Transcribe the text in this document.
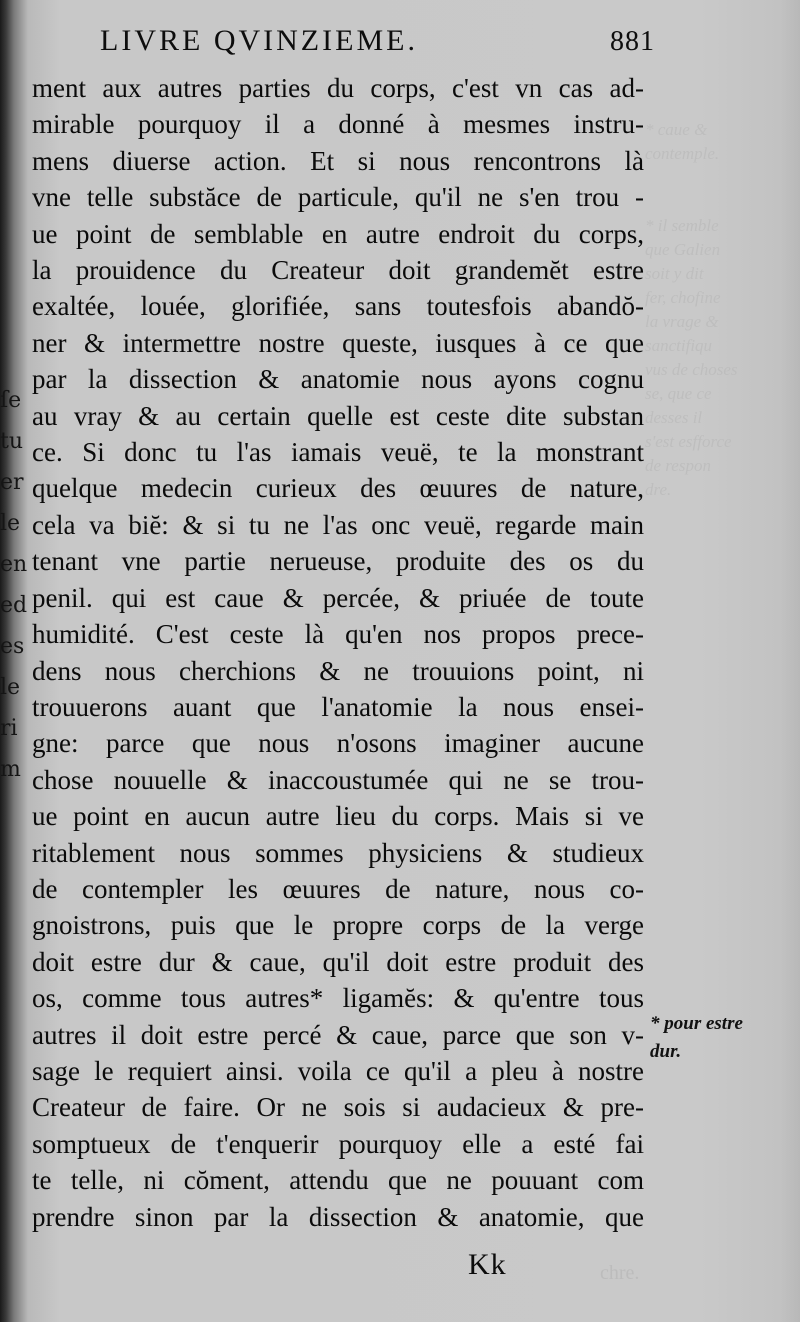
ſe
tu
er
le
en
ed
es
le
ri
m
* caue &
contemple.

* il semble
que Galien
soit y dit
fer, chofine
la vrage &
sanctifiqu
vus de choses
se, que ce
desses il
s'est esfforce
de respon
dre.
LIVRE QVINZIEME.	881
ment aux autres parties du corps, c'est vn cas ad-
mirable pourquoy il a donné à mesmes instru-
mens diuerse action. Et si nous rencontrons là
vne telle substăce de particule, qu'il ne s'en trou -
ue point de semblable en autre endroit du corps,
la prouidence du Createur doit grandemĕt estre
exaltée, louée, glorifiée, sans toutesfois abandŏ-
ner & intermettre nostre queste, iusques à ce que
par la dissection & anatomie nous ayons cognu
au vray & au certain quelle est ceste dite substan
ce. Si donc tu l'as iamais veuë, te la monstrant
quelque medecin curieux des œuures de nature,
cela va biĕ: & si tu ne l'as onc veuë, regarde main
tenant vne partie nerueuse, produite des os du
penil. qui est caue & percée, & priuée de toute
humidité. C'est ceste là qu'en nos propos prece-
dens nous cherchions & ne trouuions point, ni
trouuerons auant que l'anatomie la nous ensei-
gne: parce que nous n'osons imaginer aucune
chose nouuelle & inaccoustumée qui ne se trou-
ue point en aucun autre lieu du corps. Mais si ve
ritablement nous sommes physiciens & studieux
de contempler les œuures de nature, nous co-
gnoistrons, puis que le propre corps de la verge
doit estre dur & caue, qu'il doit estre produit des
os, comme tous autres* ligamĕs: & qu'entre tous
autres il doit estre percé & caue, parce que son v-
sage le requiert ainsi. voila ce qu'il a pleu à nostre
Createur de faire. Or ne sois si audacieux & pre-
somptueux de t'enquerir pourquoy elle a esté fai
te telle, ni cŏment, attendu que ne pouuant com
prendre sinon par la dissection & anatomie, que
* pour estre
dur.
Kk	chre.
